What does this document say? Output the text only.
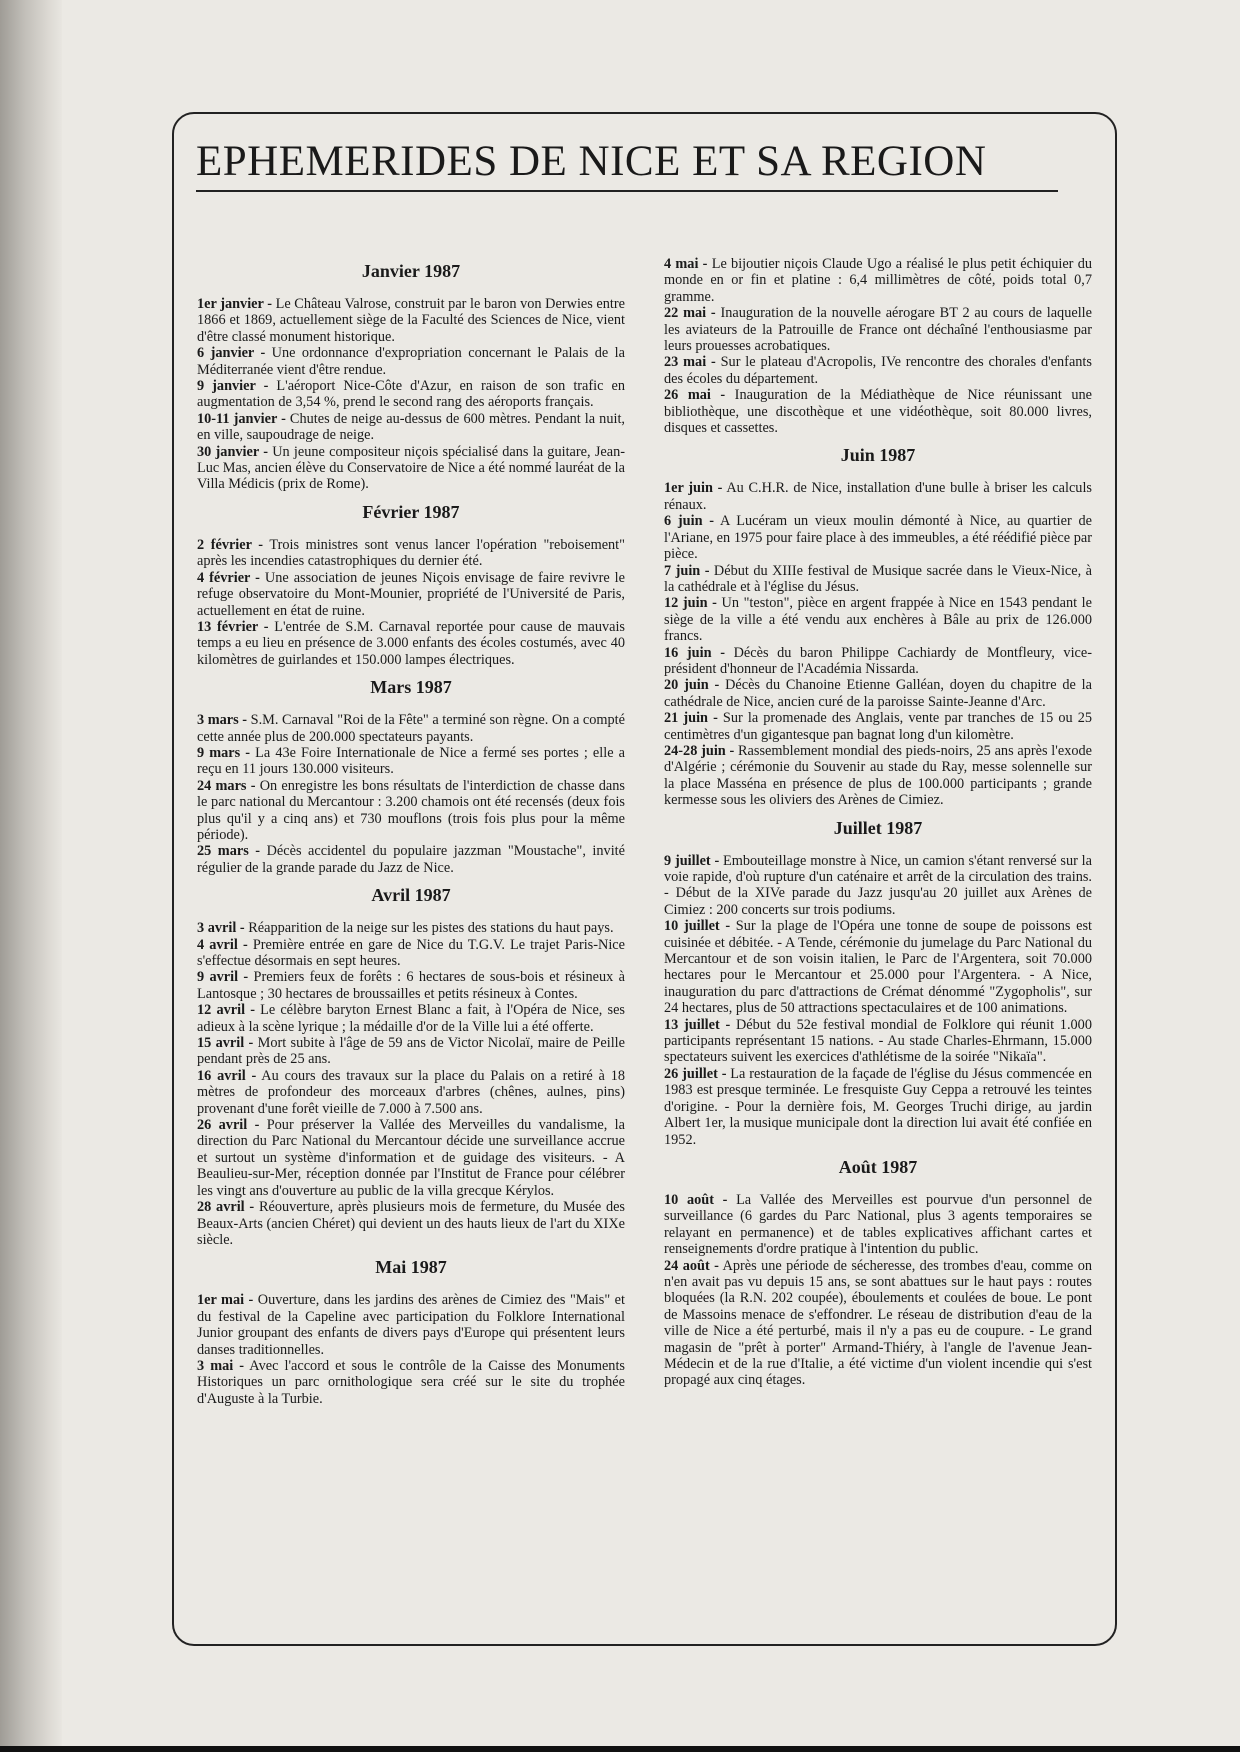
EPHEMERIDES DE NICE ET SA REGION
Janvier 1987

1er janvier - Le Château Valrose, construit par le baron von Derwies entre 1866 et 1869, actuellement siège de la Faculté des Sciences de Nice, vient d'être classé monument historique.

6 janvier - Une ordonnance d'expropriation concernant le Palais de la Méditerranée vient d'être rendue.

9 janvier - L'aéroport Nice-Côte d'Azur, en raison de son trafic en augmentation de 3,54 %, prend le second rang des aéroports français.

10-11 janvier - Chutes de neige au-dessus de 600 mètres. Pendant la nuit, en ville, saupoudrage de neige.

30 janvier - Un jeune compositeur niçois spécialisé dans la guitare, Jean-Luc Mas, ancien élève du Conservatoire de Nice a été nommé lauréat de la Villa Médicis (prix de Rome).

Février 1987

2 février - Trois ministres sont venus lancer l'opération "reboisement" après les incendies catastrophiques du dernier été.

4 février - Une association de jeunes Niçois envisage de faire revivre le refuge observatoire du Mont-Mounier, propriété de l'Université de Paris, actuellement en état de ruine.

13 février - L'entrée de S.M. Carnaval reportée pour cause de mauvais temps a eu lieu en présence de 3.000 enfants des écoles costumés, avec 40 kilomètres de guirlandes et 150.000 lampes électriques.

Mars 1987

3 mars - S.M. Carnaval "Roi de la Fête" a terminé son règne. On a compté cette année plus de 200.000 spectateurs payants.

9 mars - La 43e Foire Internationale de Nice a fermé ses portes ; elle a reçu en 11 jours 130.000 visiteurs.

24 mars - On enregistre les bons résultats de l'interdiction de chasse dans le parc national du Mercantour : 3.200 chamois ont été recensés (deux fois plus qu'il y a cinq ans) et 730 mouflons (trois fois plus pour la même période).

25 mars - Décès accidentel du populaire jazzman "Moustache", invité régulier de la grande parade du Jazz de Nice.

Avril 1987

3 avril - Réapparition de la neige sur les pistes des stations du haut pays.

4 avril - Première entrée en gare de Nice du T.G.V. Le trajet Paris-Nice s'effectue désormais en sept heures.

9 avril - Premiers feux de forêts : 6 hectares de sous-bois et résineux à Lantosque ; 30 hectares de broussailles et petits résineux à Contes.

12 avril - Le célèbre baryton Ernest Blanc a fait, à l'Opéra de Nice, ses adieux à la scène lyrique ; la médaille d'or de la Ville lui a été offerte.

15 avril - Mort subite à l'âge de 59 ans de Victor Nicolaï, maire de Peille pendant près de 25 ans.

16 avril - Au cours des travaux sur la place du Palais on a retiré à 18 mètres de profondeur des morceaux d'arbres (chênes, aulnes, pins) provenant d'une forêt vieille de 7.000 à 7.500 ans.

26 avril - Pour préserver la Vallée des Merveilles du vandalisme, la direction du Parc National du Mercantour décide une surveillance accrue et surtout un système d'information et de guidage des visiteurs. - A Beaulieu-sur-Mer, réception donnée par l'Institut de France pour célébrer les vingt ans d'ouverture au public de la villa grecque Kérylos.

28 avril - Réouverture, après plusieurs mois de fermeture, du Musée des Beaux-Arts (ancien Chéret) qui devient un des hauts lieux de l'art du XIXe siècle.

Mai 1987

1er mai - Ouverture, dans les jardins des arènes de Cimiez des "Mais" et du festival de la Capeline avec participation du Folklore International Junior groupant des enfants de divers pays d'Europe qui présentent leurs danses traditionnelles.

3 mai - Avec l'accord et sous le contrôle de la Caisse des Monuments Historiques un parc ornithologique sera créé sur le site du trophée d'Auguste à la Turbie.

4 mai - Le bijoutier niçois Claude Ugo a réalisé le plus petit échiquier du monde en or fin et platine : 6,4 millimètres de côté, poids total 0,7 gramme.

22 mai - Inauguration de la nouvelle aérogare BT 2 au cours de laquelle les aviateurs de la Patrouille de France ont déchaîné l'enthousiasme par leurs prouesses acrobatiques.

23 mai - Sur le plateau d'Acropolis, IVe rencontre des chorales d'enfants des écoles du département.

26 mai - Inauguration de la Médiathèque de Nice réunissant une bibliothèque, une discothèque et une vidéothèque, soit 80.000 livres, disques et cassettes.

Juin 1987

1er juin - Au C.H.R. de Nice, installation d'une bulle à briser les calculs rénaux.

6 juin - A Lucéram un vieux moulin démonté à Nice, au quartier de l'Ariane, en 1975 pour faire place à des immeubles, a été réédifié pièce par pièce.

7 juin - Début du XIIIe festival de Musique sacrée dans le Vieux-Nice, à la cathédrale et à l'église du Jésus.

12 juin - Un "teston", pièce en argent frappée à Nice en 1543 pendant le siège de la ville a été vendu aux enchères à Bâle au prix de 126.000 francs.

16 juin - Décès du baron Philippe Cachiardy de Montfleury, vice-président d'honneur de l'Académia Nissarda.

20 juin - Décès du Chanoine Etienne Galléan, doyen du chapitre de la cathédrale de Nice, ancien curé de la paroisse Sainte-Jeanne d'Arc.

21 juin - Sur la promenade des Anglais, vente par tranches de 15 ou 25 centimètres d'un gigantesque pan bagnat long d'un kilomètre.

24-28 juin - Rassemblement mondial des pieds-noirs, 25 ans après l'exode d'Algérie ; cérémonie du Souvenir au stade du Ray, messe solennelle sur la place Masséna en présence de plus de 100.000 participants ; grande kermesse sous les oliviers des Arènes de Cimiez.

Juillet 1987

9 juillet - Embouteillage monstre à Nice, un camion s'étant renversé sur la voie rapide, d'où rupture d'un caténaire et arrêt de la circulation des trains. - Début de la XIVe parade du Jazz jusqu'au 20 juillet aux Arènes de Cimiez : 200 concerts sur trois podiums.

10 juillet - Sur la plage de l'Opéra une tonne de soupe de poissons est cuisinée et débitée. - A Tende, cérémonie du jumelage du Parc National du Mercantour et de son voisin italien, le Parc de l'Argentera, soit 70.000 hectares pour le Mercantour et 25.000 pour l'Argentera. - A Nice, inauguration du parc d'attractions de Crémat dénommé "Zygopholis", sur 24 hectares, plus de 50 attractions spectaculaires et de 100 animations.

13 juillet - Début du 52e festival mondial de Folklore qui réunit 1.000 participants représentant 15 nations. - Au stade Charles-Ehrmann, 15.000 spectateurs suivent les exercices d'athlétisme de la soirée "Nikaïa".

26 juillet - La restauration de la façade de l'église du Jésus commencée en 1983 est presque terminée. Le fresquiste Guy Ceppa a retrouvé les teintes d'origine. - Pour la dernière fois, M. Georges Truchi dirige, au jardin Albert 1er, la musique municipale dont la direction lui avait été confiée en 1952.

Août 1987

10 août - La Vallée des Merveilles est pourvue d'un personnel de surveillance (6 gardes du Parc National, plus 3 agents temporaires se relayant en permanence) et de tables explicatives affichant cartes et renseignements d'ordre pratique à l'intention du public.

24 août - Après une période de sécheresse, des trombes d'eau, comme on n'en avait pas vu depuis 15 ans, se sont abattues sur le haut pays : routes bloquées (la R.N. 202 coupée), éboulements et coulées de boue. Le pont de Massoins menace de s'effondrer. Le réseau de distribution d'eau de la ville de Nice a été perturbé, mais il n'y a pas eu de coupure. - Le grand magasin de "prêt à porter" Armand-Thiéry, à l'angle de l'avenue Jean-Médecin et de la rue d'Italie, a été victime d'un violent incendie qui s'est propagé aux cinq étages.
